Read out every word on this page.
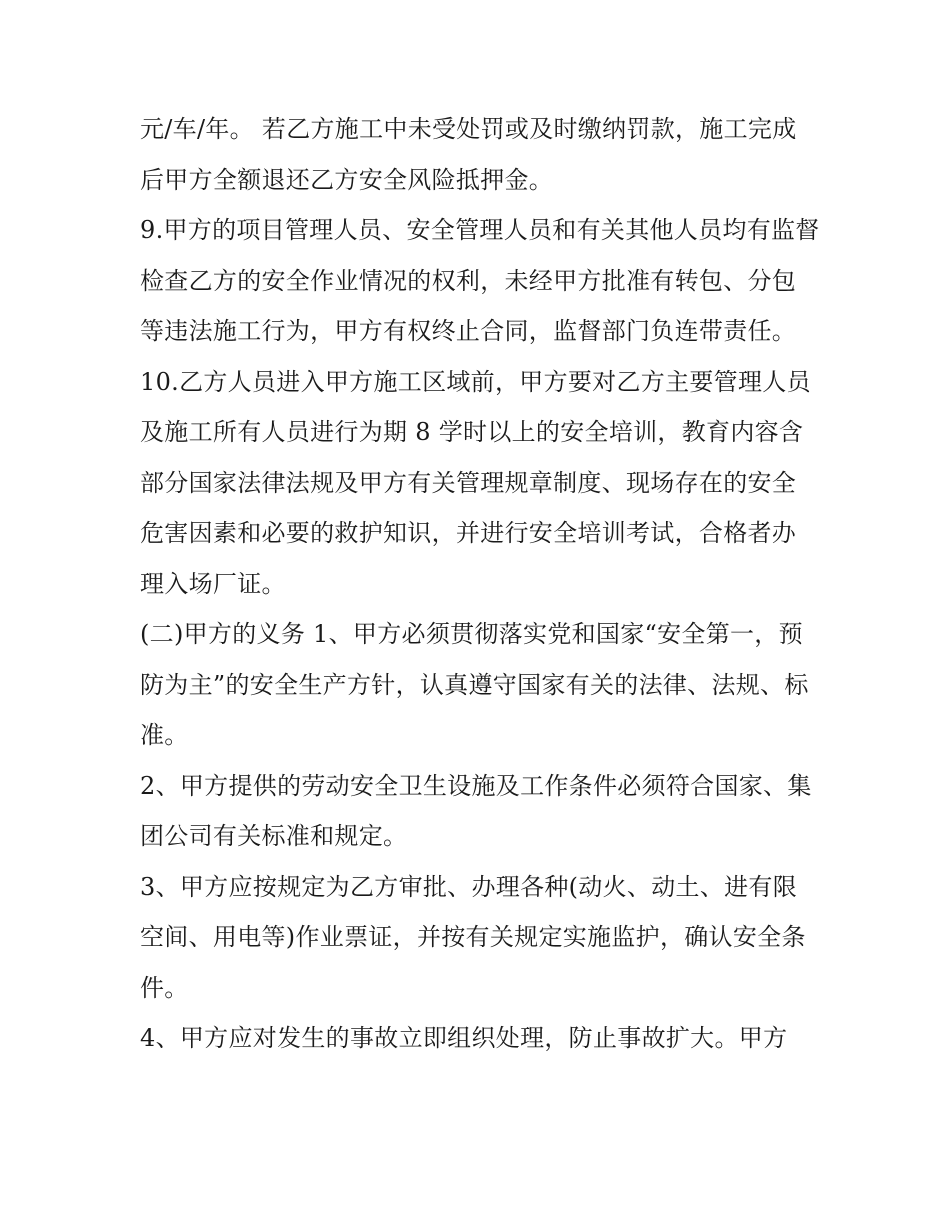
元/车/年。 若乙方施工中未受处罚或及时缴纳罚款，施工完成后甲方全额退还乙方安全风险抵押金。

9.甲方的项目管理人员、安全管理人员和有关其他人员均有监督检查乙方的安全作业情况的权利，未经甲方批准有转包、分包等违法施工行为，甲方有权终止合同，监督部门负连带责任。

10.乙方人员进入甲方施工区域前，甲方要对乙方主要管理人员及施工所有人员进行为期 8 学时以上的安全培训，教育内容含部分国家法律法规及甲方有关管理规章制度、现场存在的安全危害因素和必要的救护知识，并进行安全培训考试，合格者办理入场厂证。

(二)甲方的义务 1、甲方必须贯彻落实党和国家“安全第一，预防为主”的安全生产方针，认真遵守国家有关的法律、法规、标准。

2、甲方提供的劳动安全卫生设施及工作条件必须符合国家、集团公司有关标准和规定。

3、甲方应按规定为乙方审批、办理各种(动火、动土、进有限空间、用电等)作业票证，并按有关规定实施监护，确认安全条件。

4、甲方应对发生的事故立即组织处理，防止事故扩大。甲方
